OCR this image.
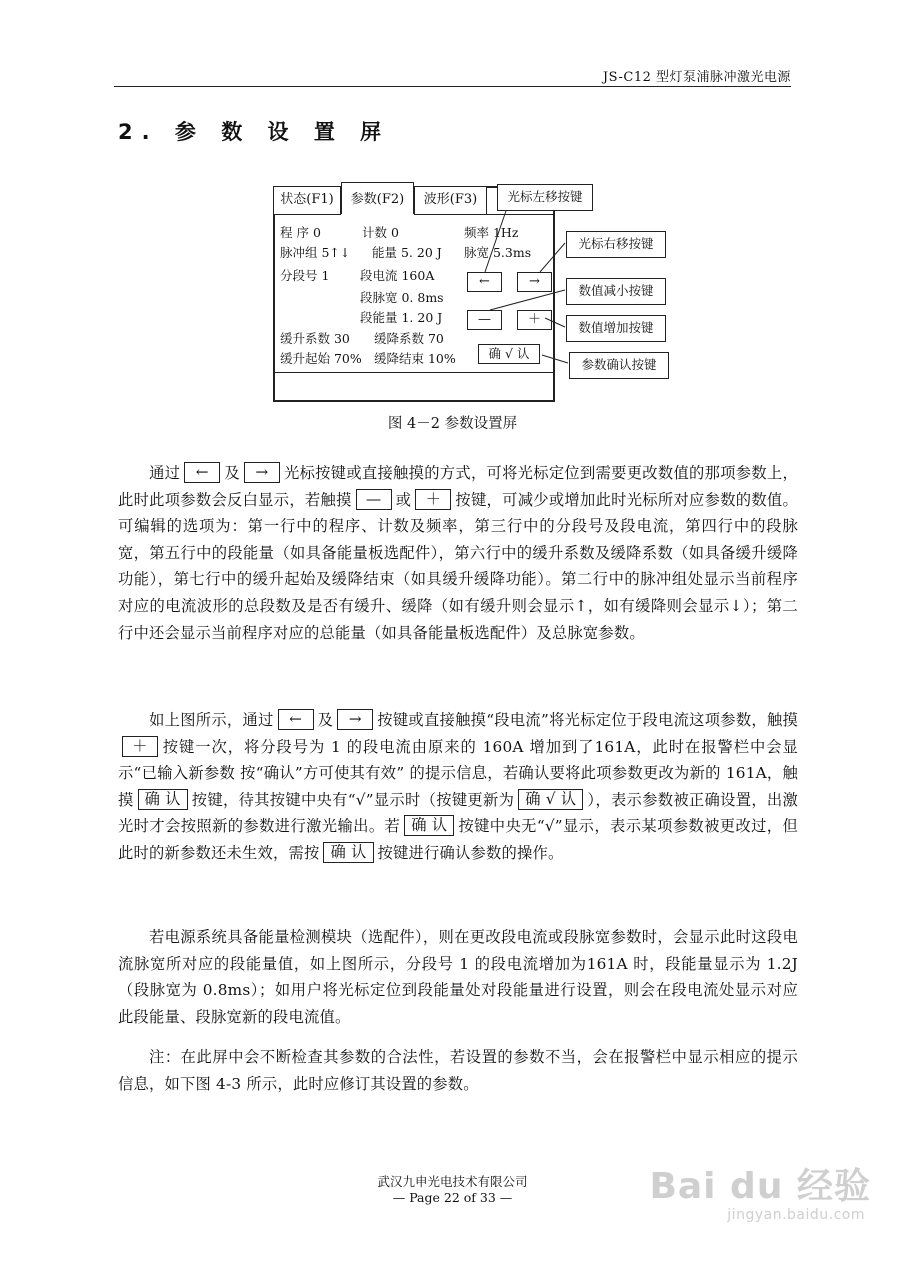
JS-C12 型灯泵浦脉冲激光电源
2. 参 数 设 置 屏
状态(F1)	参数(F2)	波形(F3)
程 序 0	计数 0	频率 1Hz
脉冲组 5↑↓ 能量 5. 20 J 脉宽 5.3ms
分段号 1 段电流 160A
段脉宽 0. 8ms
段能量 1. 20 J
缓升系数 30 缓降系数 70
缓升起始 70% 缓降结束 10%
←	→
—	＋
确 √ 认
光标左移按键
光标右移按键
数值减小按键
数值增加按键
参数确认按键
图 4－2 参数设置屏
通过 ← 及 → 光标按键或直接触摸的方式，可将光标定位到需要更改数值的那项参数上，此时此项参数会反白显示，若触摸 — 或 ＋ 按键，可减少或增加此时光标所对应参数的数值。可编辑的选项为：第一行中的程序、计数及频率，第三行中的分段号及段电流，第四行中的段脉宽，第五行中的段能量（如具备能量板选配件），第六行中的缓升系数及缓降系数（如具备缓升缓降功能），第七行中的缓升起始及缓降结束（如具缓升缓降功能）。第二行中的脉冲组处显示当前程序对应的电流波形的总段数及是否有缓升、缓降（如有缓升则会显示↑，如有缓降则会显示↓）；第二行中还会显示当前程序对应的总能量（如具备能量板选配件）及总脉宽参数。
如上图所示，通过 ← 及 → 按键或直接触摸“段电流”将光标定位于段电流这项参数，触摸＋ 按键一次，将分段号为 1 的段电流由原来的 160A 增加到了161A，此时在报警栏中会显示“已输入新参数 按“确认”方可使其有效” 的提示信息，若确认要将此项参数更改为新的 161A，触摸 确 认 按键，待其按键中央有“√”显示时（按键更新为 确 √ 认 ），表示参数被正确设置，出激光时才会按照新的参数进行激光输出。若 确 认 按键中央无“√”显示，表示某项参数被更改过，但此时的新参数还未生效，需按 确 认 按键进行确认参数的操作。
若电源系统具备能量检测模块（选配件），则在更改段电流或段脉宽参数时，会显示此时这段电流脉宽所对应的段能量值，如上图所示，分段号 1 的段电流增加为161A 时，段能量显示为 1.2J（段脉宽为 0.8ms）；如用户将光标定位到段能量处对段能量进行设置，则会在段电流处显示对应此段能量、段脉宽新的段电流值。
注：在此屏中会不断检查其参数的合法性，若设置的参数不当，会在报警栏中显示相应的提示信息，如下图 4-3 所示，此时应修订其设置的参数。
武汉九申光电技术有限公司
— Page 22 of 33 —	Bai du 经验
jingyan.baidu.com
